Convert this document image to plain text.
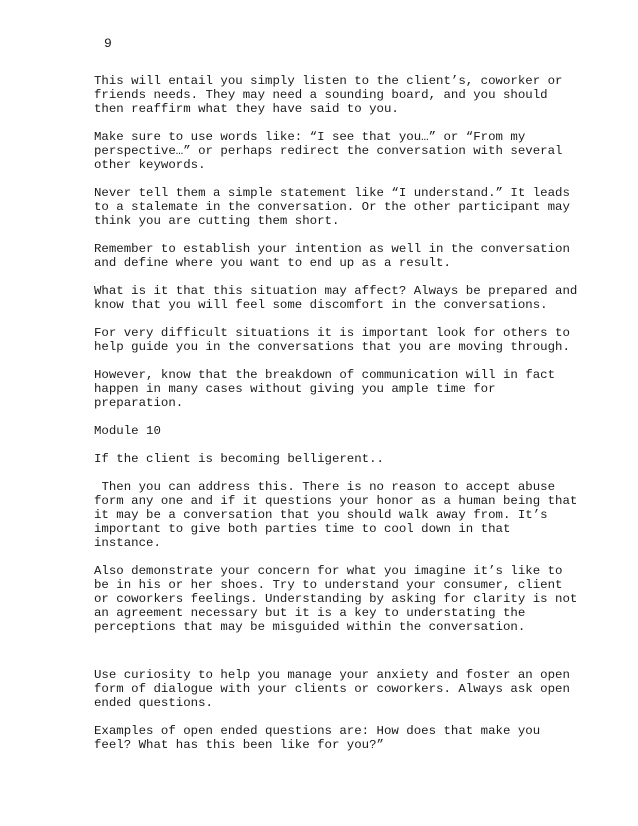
9

This will entail you simply listen to the client’s, coworker or
friends needs. They may need a sounding board, and you should
then reaffirm what they have said to you.

Make sure to use words like: “I see that you…” or “From my
perspective…” or perhaps redirect the conversation with several
other keywords.

Never tell them a simple statement like “I understand.” It leads
to a stalemate in the conversation. Or the other participant may
think you are cutting them short.

Remember to establish your intention as well in the conversation
and define where you want to end up as a result.

What is it that this situation may affect? Always be prepared and
know that you will feel some discomfort in the conversations.

For very difficult situations it is important look for others to
help guide you in the conversations that you are moving through.

However, know that the breakdown of communication will in fact
happen in many cases without giving you ample time for
preparation.

Module 10

If the client is becoming belligerent..

Then you can address this. There is no reason to accept abuse
form any one and if it questions your honor as a human being that
it may be a conversation that you should walk away from. It’s
important to give both parties time to cool down in that
instance.

Also demonstrate your concern for what you imagine it’s like to
be in his or her shoes. Try to understand your consumer, client
or coworkers feelings. Understanding by asking for clarity is not
an agreement necessary but it is a key to understating the
perceptions that may be misguided within the conversation.

Use curiosity to help you manage your anxiety and foster an open
form of dialogue with your clients or coworkers. Always ask open
ended questions.

Examples of open ended questions are: How does that make you
feel? What has this been like for you?”
